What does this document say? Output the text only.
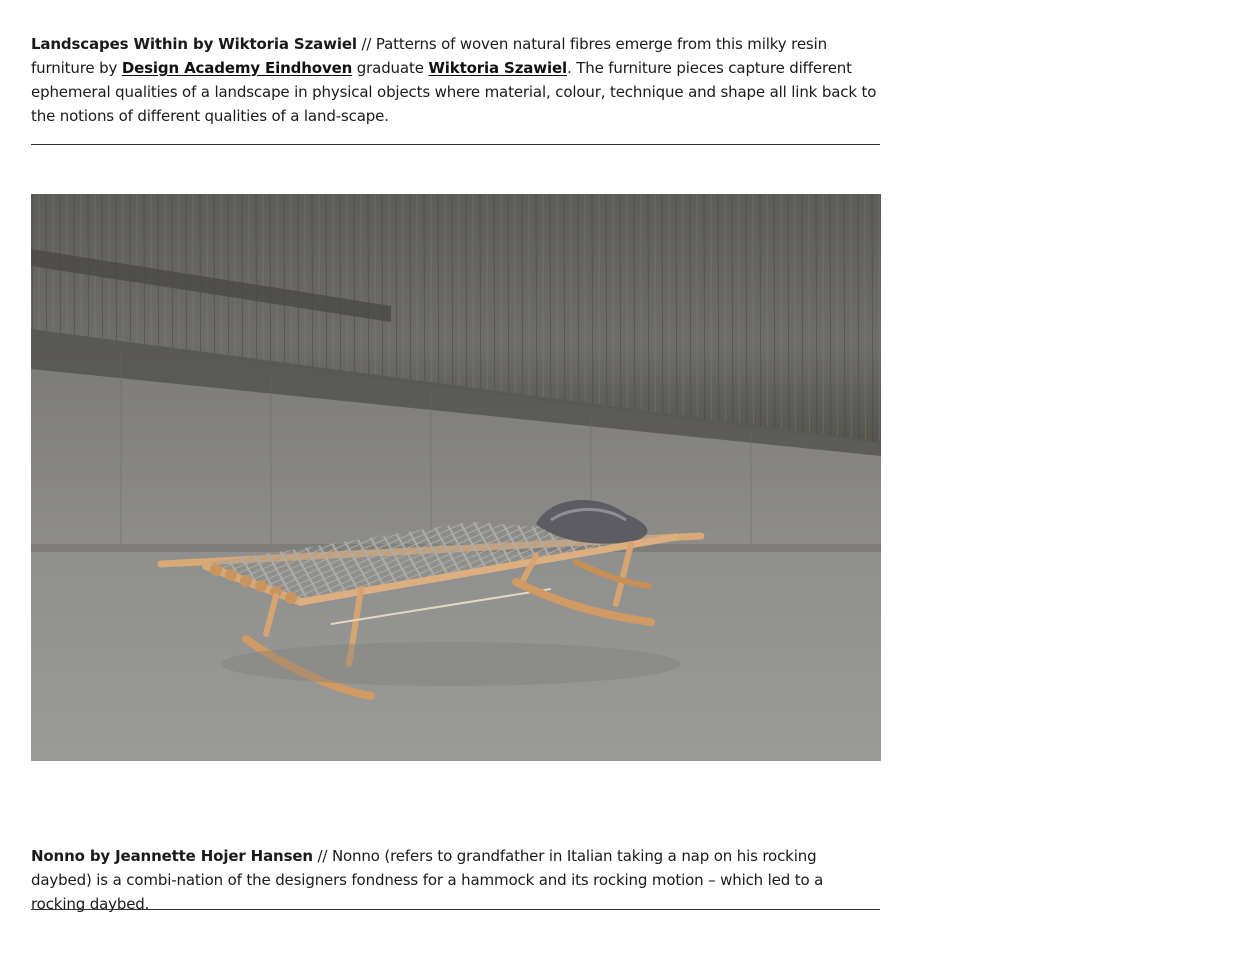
Landscapes Within by Wiktoria Szawiel // Patterns of woven natural fibres emerge from this milky resin furniture by Design Academy Eindhoven graduate Wiktoria Szawiel. The furniture pieces capture different ephemeral qualities of a landscape in physical objects where material, colour, technique and shape all link back to the notions of different qualities of a land-scape.

Nonno by Jeannette Hojer Hansen // Nonno (refers to grandfather in Italian taking a nap on his rocking daybed) is a combi-nation of the designers fondness for a hammock and its rocking motion – which led to a rocking daybed.
